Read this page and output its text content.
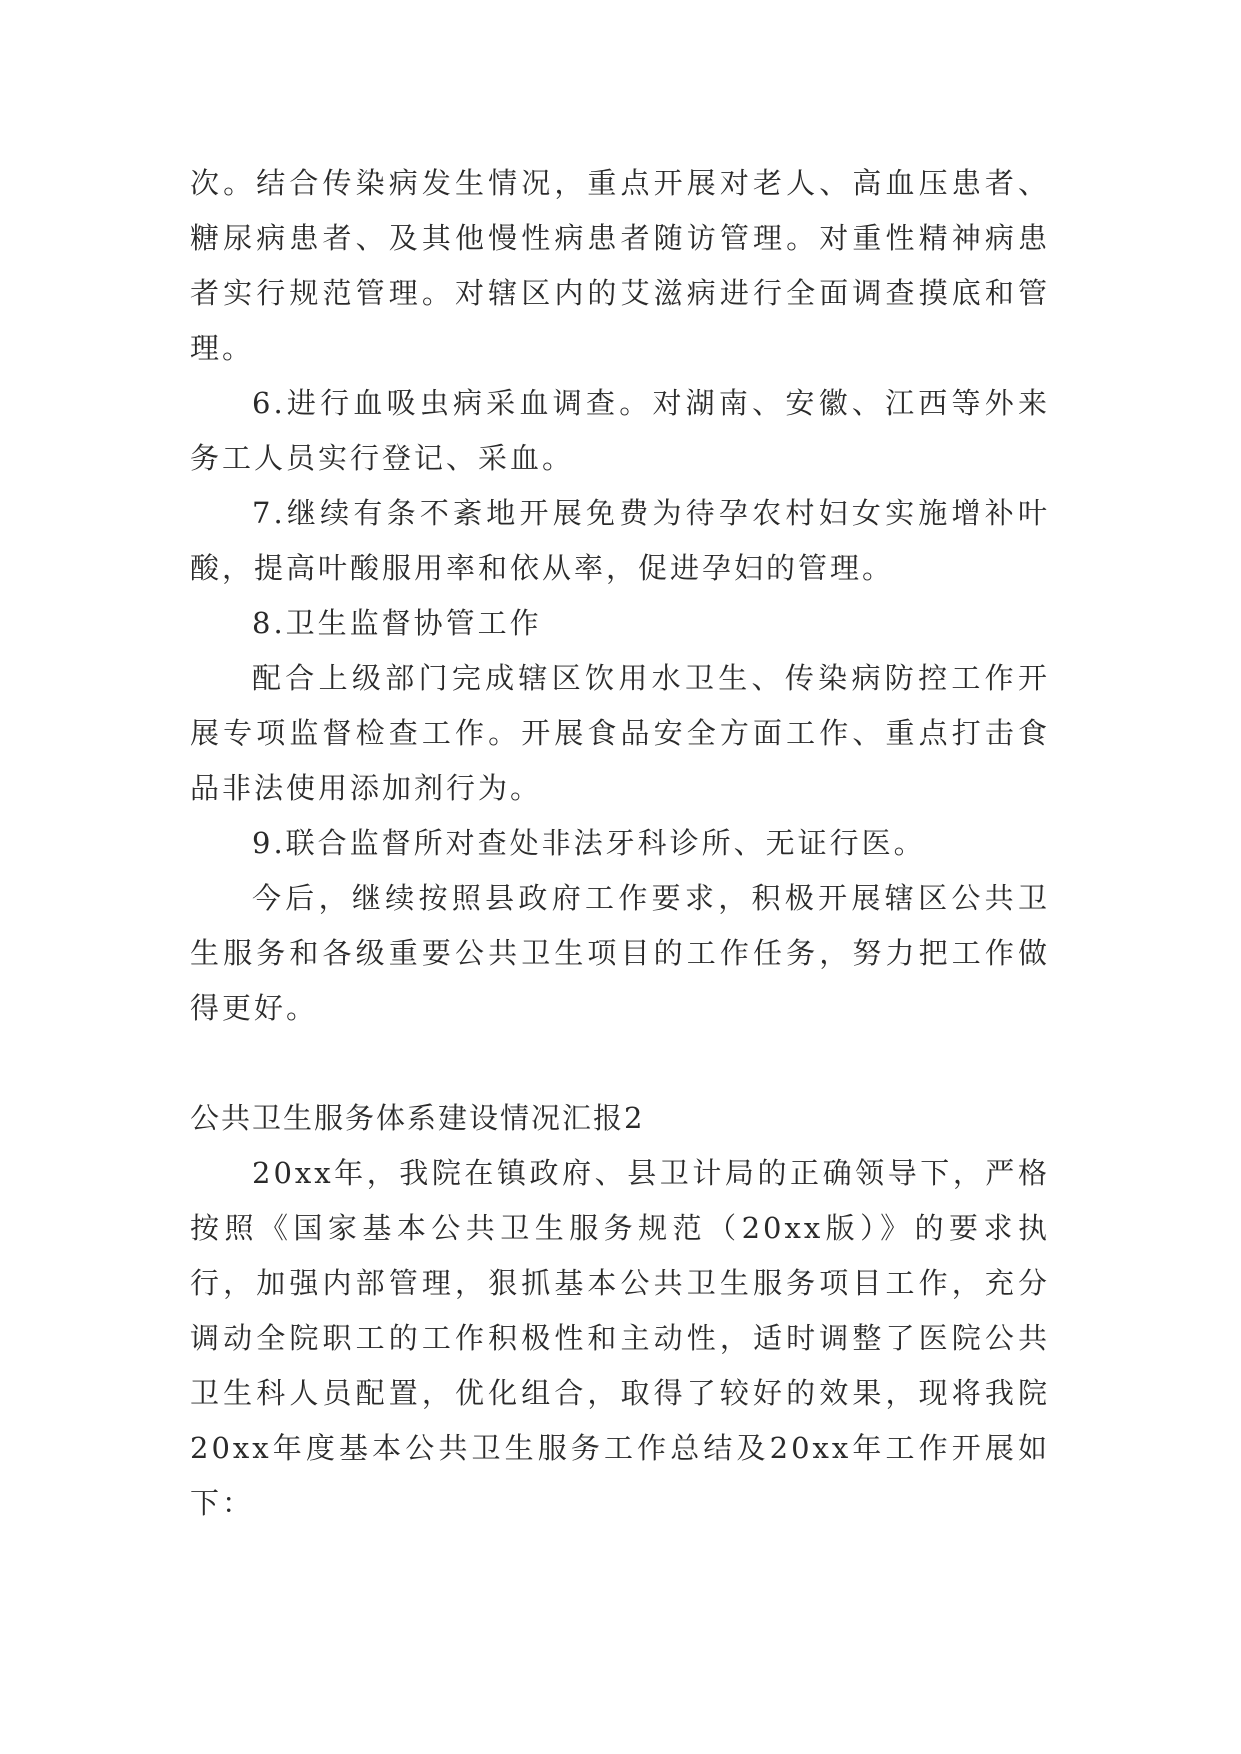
次。结合传染病发生情况，重点开展对老人、高血压患者、糖尿病患者、及其他慢性病患者随访管理。对重性精神病患者实行规范管理。对辖区内的艾滋病进行全面调查摸底和管理。

6.进行血吸虫病采血调查。对湖南、安徽、江西等外来务工人员实行登记、采血。

7.继续有条不紊地开展免费为待孕农村妇女实施增补叶酸，提高叶酸服用率和依从率，促进孕妇的管理。

8.卫生监督协管工作

配合上级部门完成辖区饮用水卫生、传染病防控工作开展专项监督检查工作。开展食品安全方面工作、重点打击食品非法使用添加剂行为。

9.联合监督所对查处非法牙科诊所、无证行医。

今后，继续按照县政府工作要求，积极开展辖区公共卫生服务和各级重要公共卫生项目的工作任务，努力把工作做得更好。

公共卫生服务体系建设情况汇报2

20xx年，我院在镇政府、县卫计局的正确领导下，严格按照《国家基本公共卫生服务规范（20xx版）》的要求执行，加强内部管理，狠抓基本公共卫生服务项目工作，充分调动全院职工的工作积极性和主动性，适时调整了医院公共卫生科人员配置，优化组合，取得了较好的效果，现将我院20xx年度基本公共卫生服务工作总结及20xx年工作开展如下：
